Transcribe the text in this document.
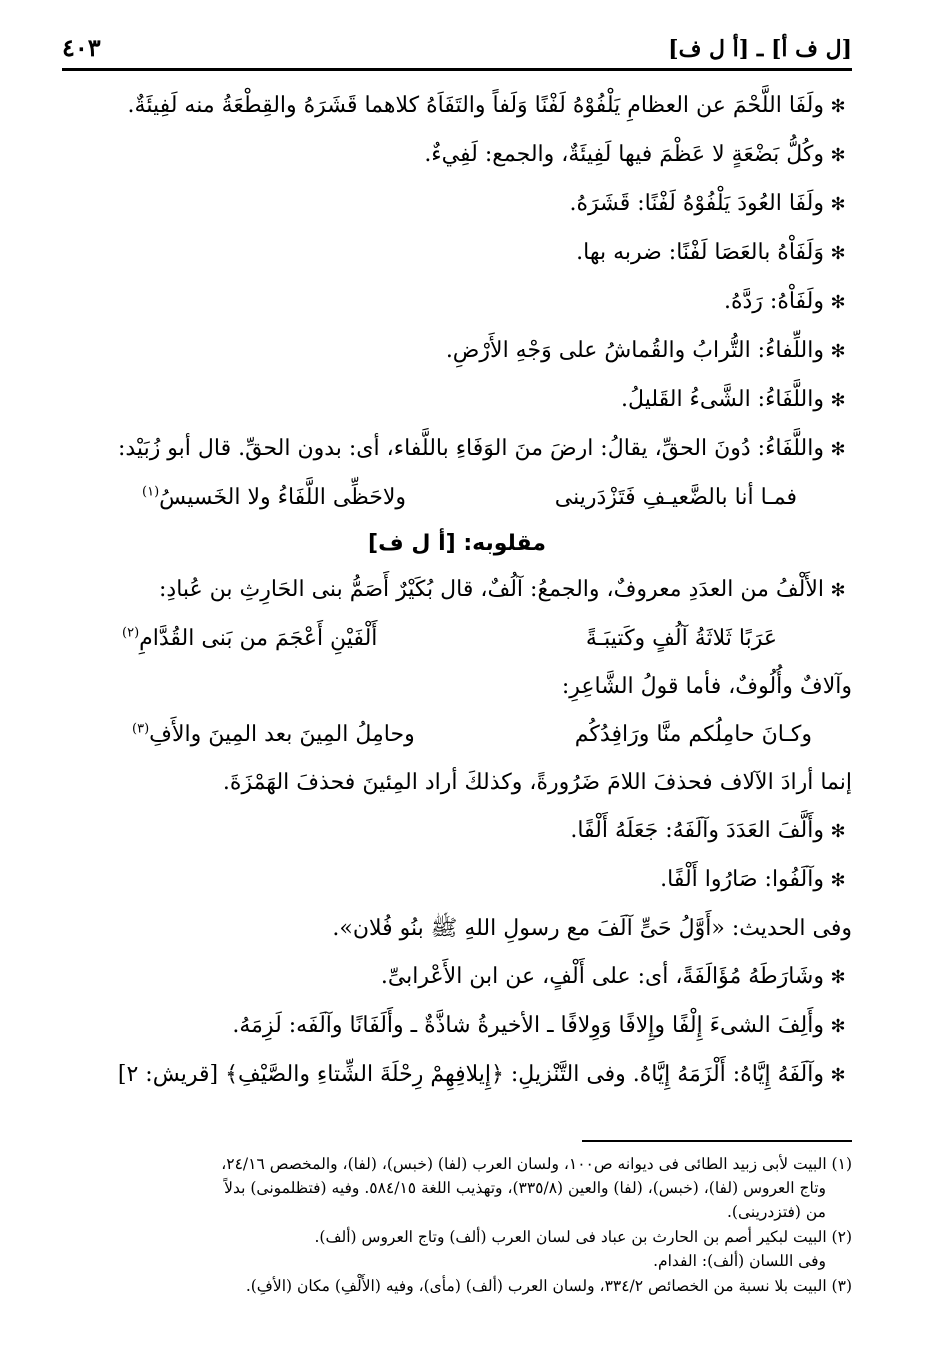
[ل ف أ] ـ [أ ل ف]
٤٠٣
✻
ولَفَا اللَّحْمَ عن العظامِ يَلْفُوْهُ لَفْنًا وَلَفاً والتَفَاَهُ كلاهما قَشَرَهُ والقِطْعَةُ منه لَفِيئَةٌ.
✻
وكُلُّ بَضْعَةٍ لا عَظْمَ فيها لَفِيئَةٌ، والجمع: لَفِيءٌ.
✻
ولَفَا العُودَ يَلْفُوْهُ لَفْنًا: قَشَرَهُ.
✻
وَلَفَاْهُ بالعَصَا لَفْنًا: ضربه بها.
✻
ولَفَاْهُ: رَدَّهُ.
✻
واللِّفاءُ: التُّرابُ والقُماشُ على وَجْهِ الأَرْضِ.
✻
واللَّفَاءُ: الشَّىءُ القَليلُ.
✻
واللَّفَاءُ: دُونَ الحقِّ، يقالُ: ارضَ منَ الوَفَاءِ باللَّفاء، أى: بدون الحقِّ. قال أبو زُبَيْد:
فمـا أنا بالضَّعيـفِ فَتَزْدَرينى
ولاحَظِّى اللَّفَاءُ ولا الخَسيسُ$^{(١)}$
مقلوبه: [أ ل ف]
✻
الأَلْفُ من العدَدِ معروفٌ، والجمعُ: آلُفٌ، قال بُكَيْرٌ أَصَمُّ بنى الحَارِثِ بن عُبادِ:
عَرَبًا ثَلاثَةُ آلُفٍ وكَتيبَـةً
أَلْفَيْنِ أَعْجَمَ من بَنى القُدَّامِ$^{(٢)}$
وآلافٌ وأُلُوفٌ، فأما قولُ الشَّاعِرِ:
وكـانَ حامِلُكم منَّا ورَافِدُكُم
وحامِلُ المِينَ بعد المِينَ والأَفِ$^{(٣)}$
إنما أرادَ الآلاف فحذفَ اللامَ ضَرُورةً، وكذلكَ أراد المِئينَ فحذفَ الهَمْزَةَ.
✻
وأَلَّفَ العَدَدَ وآلَفَهُ: جَعَلَهُ أَلْفًا.
✻
وآلَفُوا: صَارُوا أَلْفًا.
وفى الحديث: «أَوَّلُ حَىٍّ آلَفَ مع رسولِ اللهِ ﷺ بنُو فُلان».
✻
وشَارَطَهُ مُؤَالَفَةً، أى: على أَلْفٍ، عن ابن الأَعْرابىِّ.
✻
وأَلِفَ الشىءَ إِلْفًا وإِلافًا وَوِلافًا ـ الأخيرةُ شاذَّةٌ ـ وأَلَفَانًا وآلَفَه: لَزِمَهُ.
✻
وآلَفَهُ إِيَّاهُ: أَلْزَمَهُ إِيَّاهُ. وفى التَّنْزيلِ: ﴿إِيلافِهِمْ رِحْلَةَ الشِّتاءِ والصَّيْفِ﴾ [قريش: ٢]
(١) البيت لأبى زبيد الطائى فى ديوانه ص١٠٠، ولسان العرب (لفا) (خبس)، (لفا)، والمخصص ٢٤/١٦،
وتاج العروس (لفا)، (خبس)، (لفا) والعين (٣٣٥/٨)، وتهذيب اللغة ٥٨٤/١٥. وفيه (فتظلمونى) بدلاً
من (فتزدرينى).
(٢) البيت لبكير أصم بن الحارث بن عباد فى لسان العرب (ألف) وتاج العروس (ألف).
وفى اللسان (ألف): الفدام.
(٣) البيت بلا نسبة من الخصائص ٣٣٤/٢، ولسان العرب (ألف) (مأى)، وفيه (الأَلْفِ) مكان (الأفِ).
